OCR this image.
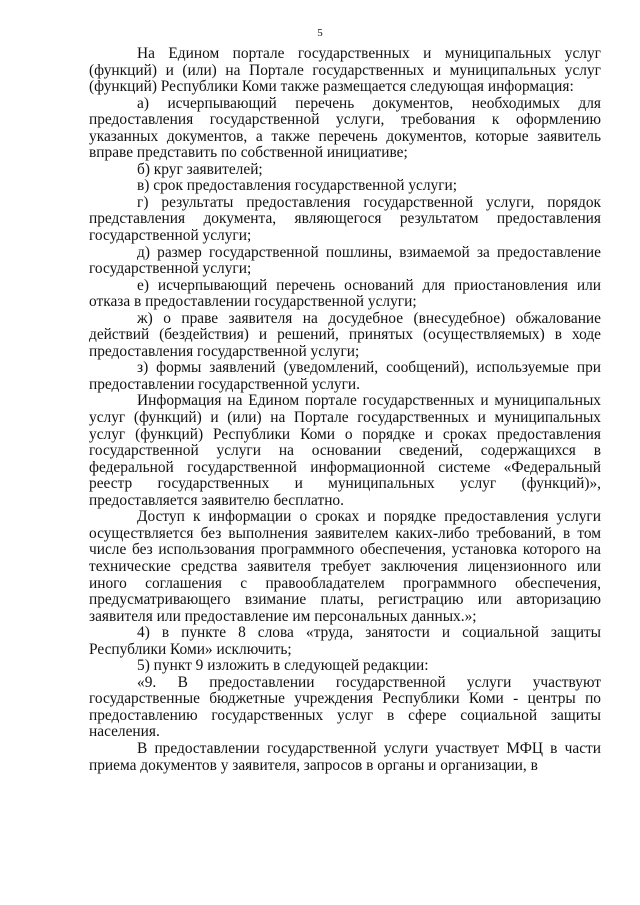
5

На Едином портале государственных и муниципальных услуг (функций) и (или) на Портале государственных и муниципальных услуг (функций) Республики Коми также размещается следующая информация:

а) исчерпывающий перечень документов, необходимых для предоставления государственной услуги, требования к оформлению указанных документов, а также перечень документов, которые заявитель вправе представить по собственной инициативе;

б) круг заявителей;

в) срок предоставления государственной услуги;

г) результаты предоставления государственной услуги, порядок представления документа, являющегося результатом предоставления государственной услуги;

д) размер государственной пошлины, взимаемой за предоставление государственной услуги;

е) исчерпывающий перечень оснований для приостановления или отказа в предоставлении государственной услуги;

ж) о праве заявителя на досудебное (внесудебное) обжалование действий (бездействия) и решений, принятых (осуществляемых) в ходе предоставления государственной услуги;

з) формы заявлений (уведомлений, сообщений), используемые при предоставлении государственной услуги.

Информация на Едином портале государственных и муниципальных услуг (функций) и (или) на Портале государственных и муниципальных услуг (функций) Республики Коми о порядке и сроках предоставления государственной услуги на основании сведений, содержащихся в федеральной государственной информационной системе «Федеральный реестр государственных и муниципальных услуг (функций)», предоставляется заявителю бесплатно.

Доступ к информации о сроках и порядке предоставления услуги осуществляется без выполнения заявителем каких-либо требований, в том числе без использования программного обеспечения, установка которого на технические средства заявителя требует заключения лицензионного или иного соглашения с правообладателем программного обеспечения, предусматривающего взимание платы, регистрацию или авторизацию заявителя или предоставление им персональных данных.»;

4) в пункте 8 слова «труда, занятости и социальной защиты Республики Коми» исключить;

5) пункт 9 изложить в следующей редакции:

«9. В предоставлении государственной услуги участвуют государственные бюджетные учреждения Республики Коми - центры по предоставлению государственных услуг в сфере социальной защиты населения.

В предоставлении государственной услуги участвует МФЦ в части приема документов у заявителя, запросов в органы и организации, в
